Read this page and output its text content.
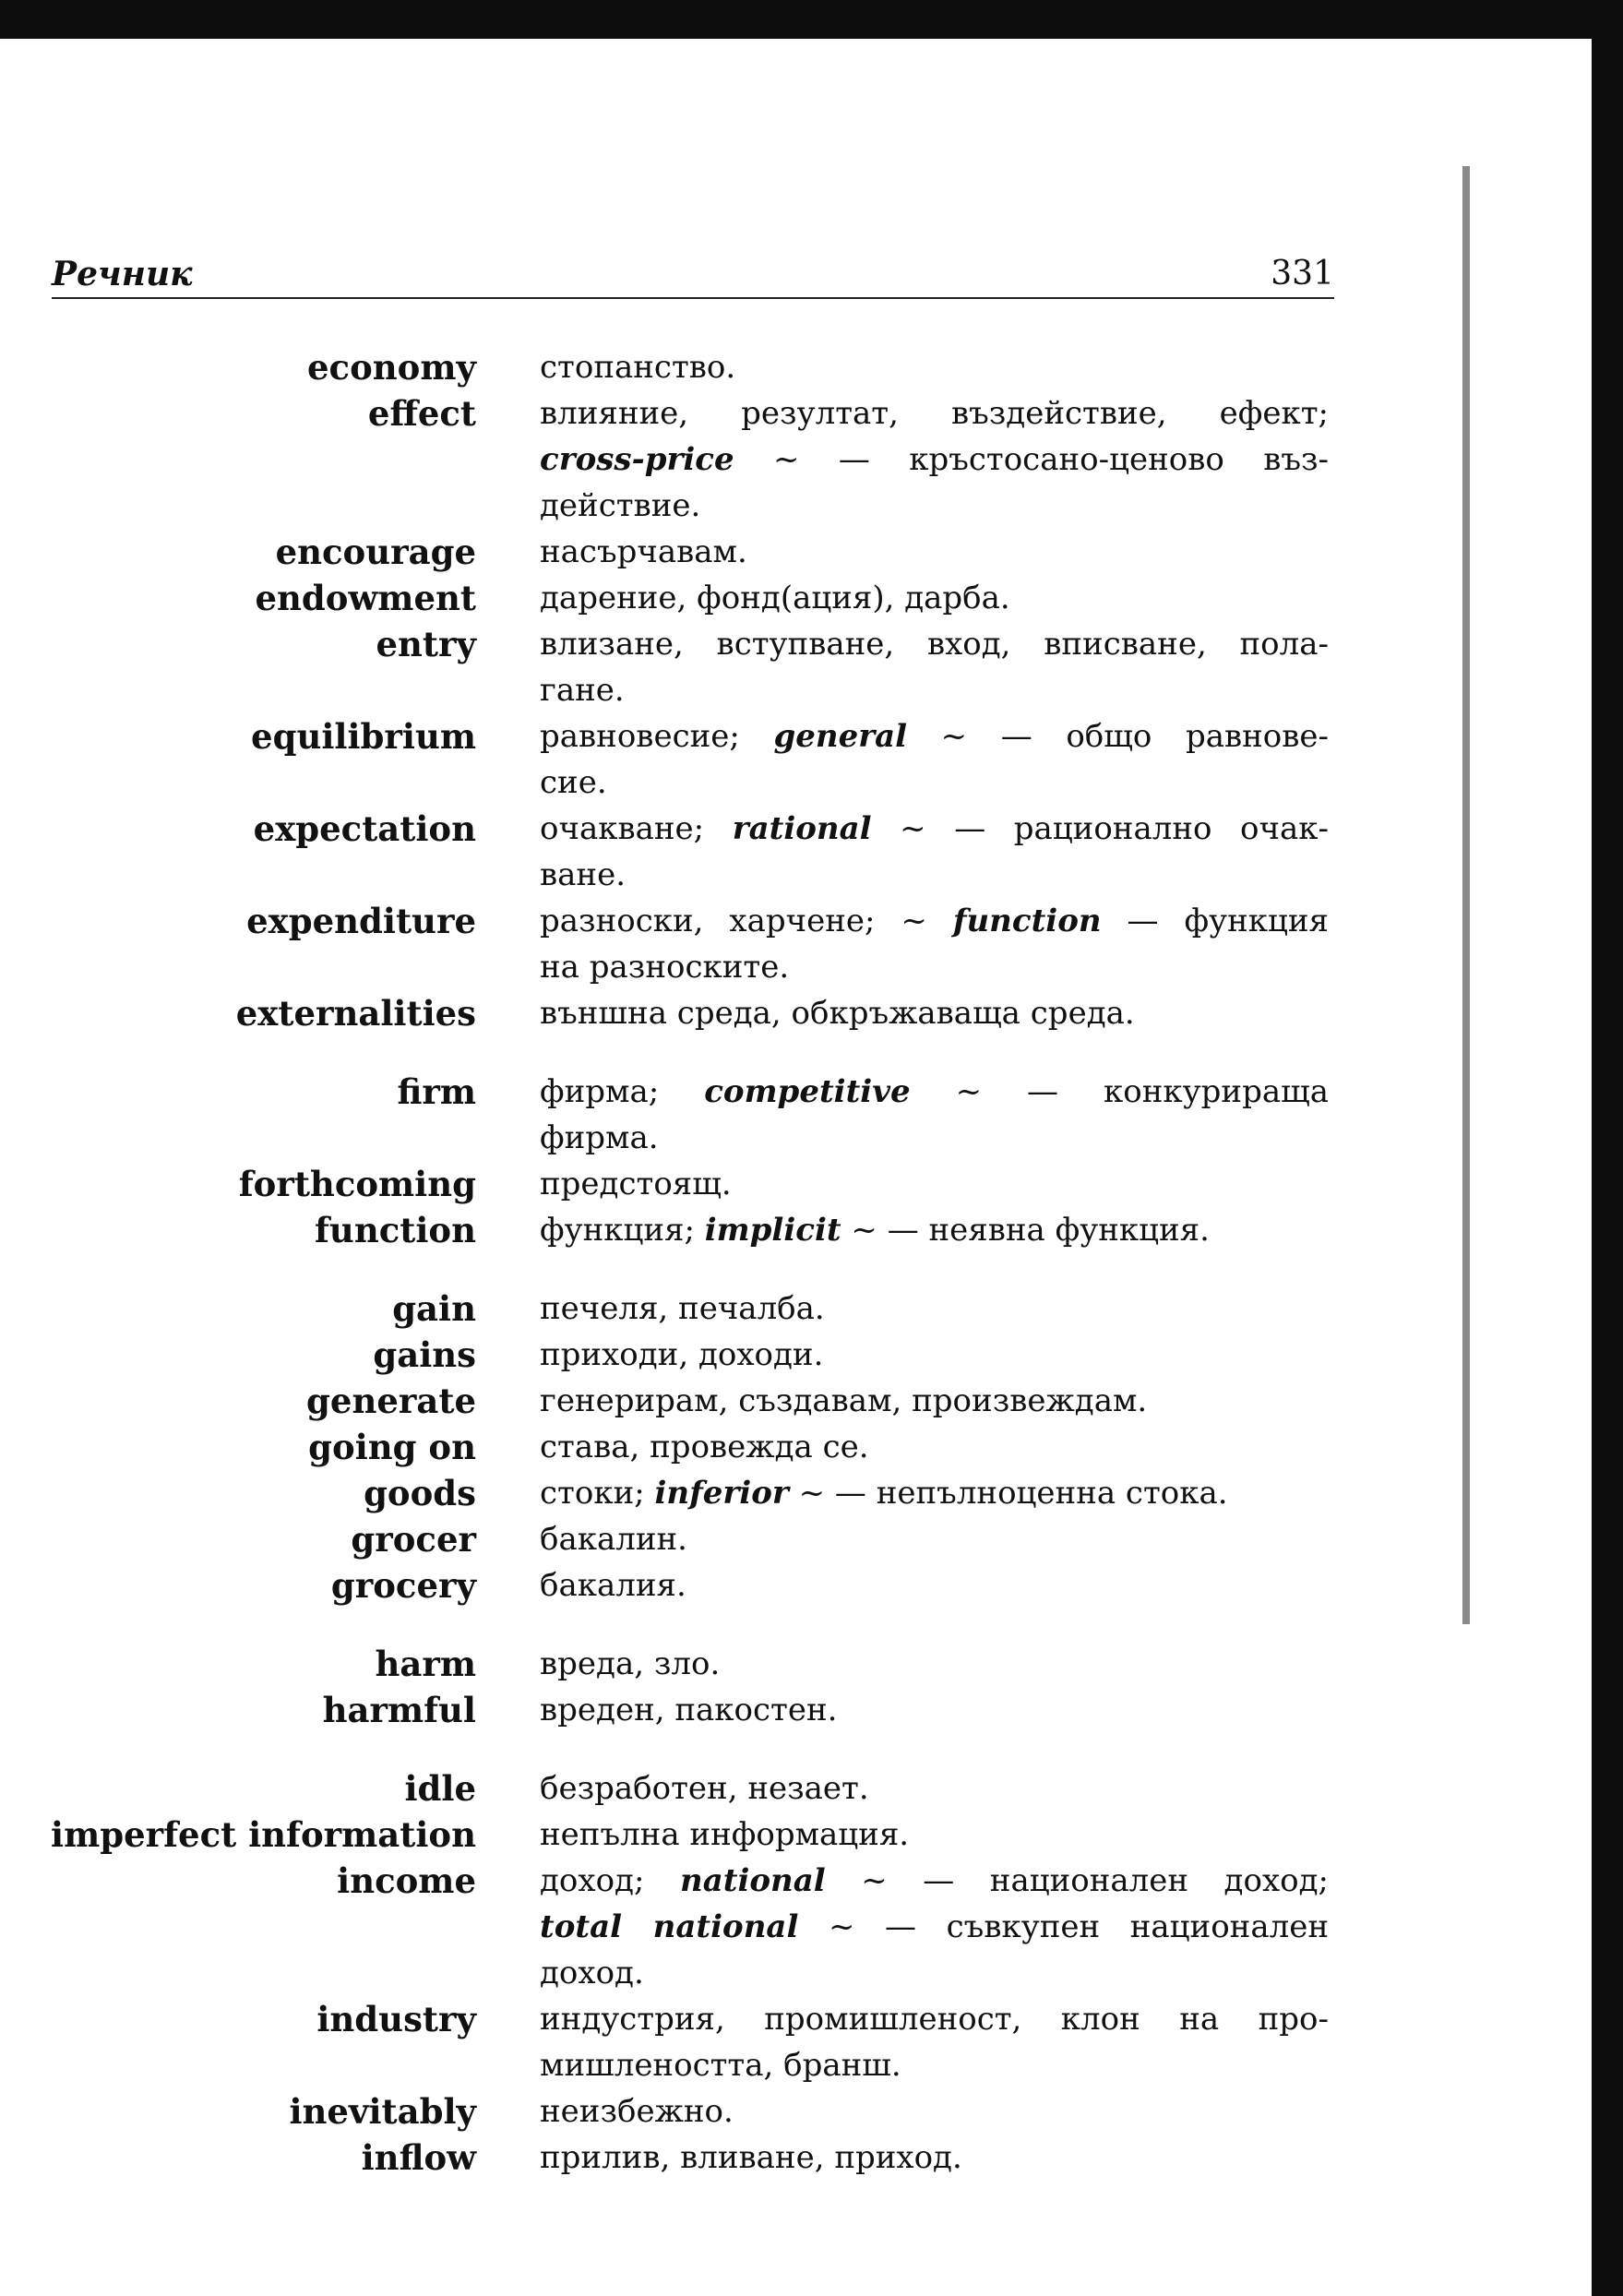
Речник	331
economy стопанство.
effect влияние, резултат, въздействие, ефект;
cross-price ~ — кръстосано-ценово въз-
действие.
encourage насърчавам.
endowment дарение, фонд(ация), дарба.
entry влизане, вступване, вход, вписване, пола-
гане.
equilibrium равновесие; general ~ — общо равнове-
сие.
expectation очакване; rational ~ — рационално очак-
ване.
expenditure разноски, харчене; ~ function — функция
на разноските.
externalities външна среда, обкръжаваща среда.
firm фирма; competitive ~ — конкурираща
фирма.
forthcoming предстоящ.
function функция; implicit ~ — неявна функция.
gain печеля, печалба.
gains приходи, доходи.
generate генерирам, създавам, произвеждам.
going on става, провежда се.
goods стоки; inferior ~ — непълноценна стока.
grocer бакалин.
grocery бакалия.
harm вреда, зло.
harmful вреден, пакостен.
idle безработен, незает.
imperfect information непълна информация.
income доход; national ~ — национален доход;
total national ~ — съвкупен национален
доход.
industry индустрия, промишленост, клон на про-
мишлеността, бранш.
inevitably неизбежно.
inflow прилив, вливане, приход.
